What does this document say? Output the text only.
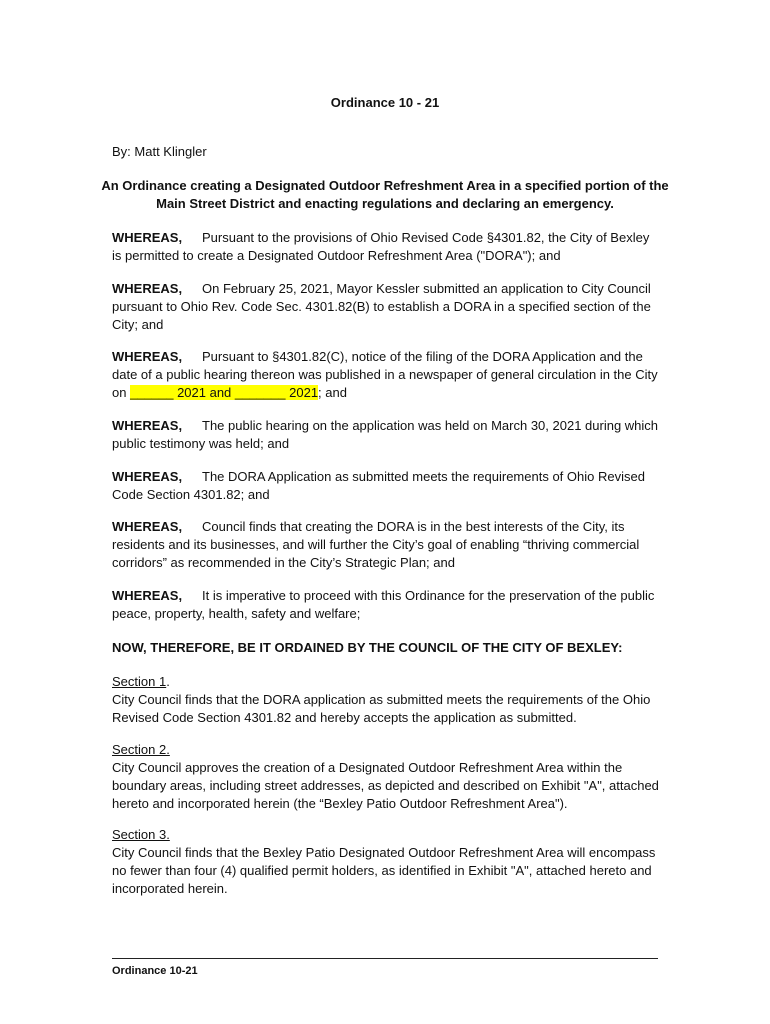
Ordinance 10 - 21
By: Matt Klingler
An Ordinance creating a Designated Outdoor Refreshment Area in a specified portion of the Main Street District and enacting regulations and declaring an emergency.
WHEREAS, Pursuant to the provisions of Ohio Revised Code §4301.82, the City of Bexley is permitted to create a Designated Outdoor Refreshment Area ("DORA"); and
WHEREAS, On February 25, 2021, Mayor Kessler submitted an application to City Council pursuant to Ohio Rev. Code Sec. 4301.82(B) to establish a DORA in a specified section of the City; and
WHEREAS, Pursuant to §4301.82(C), notice of the filing of the DORA Application and the date of a public hearing thereon was published in a newspaper of general circulation in the City on ______ 2021 and _______ 2021; and
WHEREAS, The public hearing on the application was held on March 30, 2021 during which public testimony was held; and
WHEREAS, The DORA Application as submitted meets the requirements of Ohio Revised Code Section 4301.82; and
WHEREAS, Council finds that creating the DORA is in the best interests of the City, its residents and its businesses, and will further the City’s goal of enabling “thriving commercial corridors” as recommended in the City’s Strategic Plan; and
WHEREAS, It is imperative to proceed with this Ordinance for the preservation of the public peace, property, health, safety and welfare;
NOW, THEREFORE, BE IT ORDAINED BY THE COUNCIL OF THE CITY OF BEXLEY:
Section 1.
City Council finds that the DORA application as submitted meets the requirements of the Ohio Revised Code Section 4301.82 and hereby accepts the application as submitted.
Section 2.
City Council approves the creation of a Designated Outdoor Refreshment Area within the boundary areas, including street addresses, as depicted and described on Exhibit "A", attached hereto and incorporated herein (the “Bexley Patio Outdoor Refreshment Area").
Section 3.
City Council finds that the Bexley Patio Designated Outdoor Refreshment Area will encompass no fewer than four (4) qualified permit holders, as identified in Exhibit "A", attached hereto and incorporated herein.
Ordinance 10-21
